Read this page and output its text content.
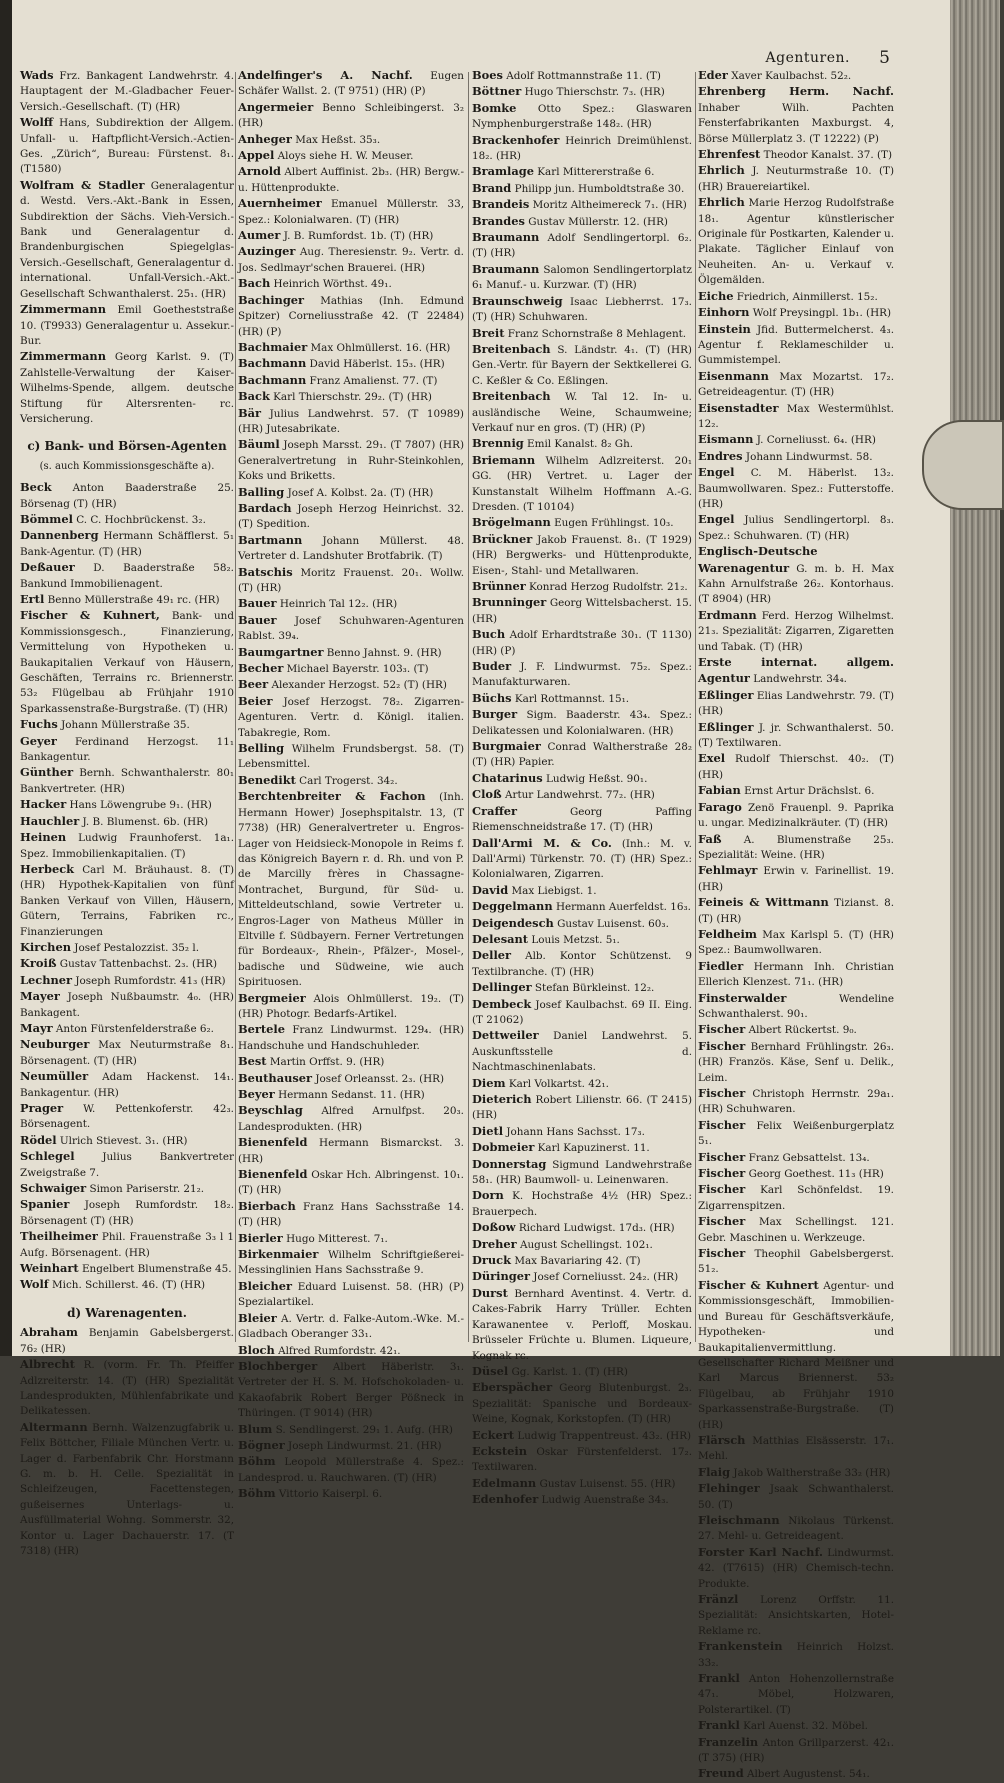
Agenturen. 5

Wads Frz. Bankagent Landwehrstr. 4. Hauptagent der M.-Gladbacher Feuer-Versich.-Gesellschaft. (T) (HR)

Wolff Hans, Subdirektion der Allgem. Unfall- u. Haftpflicht-Versich.-Actien-Ges. „Zürich“, Bureau: Fürstenst. 8₁.(T1580)

Wolfram & Stadler Generalagentur d. Westd. Vers.-Akt.-Bank in Essen, Subdirektion der Sächs. Vieh-Versich.-Bank und Generalagentur d. Brandenburgischen Spiegelglas-Versich.-Gesellschaft, Generalagentur d. international. Unfall-Versich.-Akt.-Gesellschaft Schwanthalerst. 25₁. (HR)

Zimmermann Emil Goetheststraße 10. (T9933) Generalagentur u. Assekur.-Bur.

Zimmermann Georg Karlst. 9. (T) Zahlstelle-Verwaltung der Kaiser-Wilhelms-Spende, allgem. deutsche Stiftung für Altersrenten- rc. Versicherung.

c) Bank- und Börsen-Agenten
(s. auch Kommissionsgeschäfte a).

Beck Anton Baaderstraße 25. Börsenag (T) (HR)

Bömmel C. C. Hochbrückenst. 3₂.

Dannenberg Hermann Schäfflerst. 5₁ Bank-Agentur. (T) (HR)

Deßauer D. Baaderstraße 58₂. Bankund Immobilienagent.

Ertl Benno Müllerstraße 49₁ rc. (HR)

Fischer & Kuhnert, Bank- und Kommissionsgesch., Finanzierung, Vermittelung von Hypotheken u. Baukapitalien Verkauf von Häusern, Geschäften, Terrains rc. Briennerstr. 53₂ Flügelbau ab Frühjahr 1910 Sparkassenstraße-Burgstraße. (T) (HR)

Fuchs Johann Müllerstraße 35.

Geyer Ferdinand Herzogst. 11₁ Bankagentur.

Günther Bernh. Schwanthalerstr. 80₁ Bankvertreter. (HR)

Hacker Hans Löwengrube 9₁. (HR)

Hauchler J. B. Blumenst. 6b. (HR)

Heinen Ludwig Fraunhoferst. 1a₁. Spez. Immobilienkapitalien. (T)

Herbeck Carl M. Bräuhaust. 8. (T) (HR) Hypothek-Kapitalien von fünf Banken Verkauf von Villen, Häusern, Gütern, Terrains, Fabriken rc., Finanzierungen

Kirchen Josef Pestalozzist. 35₂ l.

Kroiß Gustav Tattenbachst. 2₃. (HR)

Lechner Joseph Rumfordstr. 41₃ (HR)

Mayer Joseph Nußbaumstr. 4₀. (HR) Bankagent.

Mayr Anton Fürstenfelderstraße 6₂.

Neuburger Max Neuturmstraße 8₁. Börsenagent. (T) (HR)

Neumüller Adam Hackenst. 14₁. Bankagentur. (HR)

Prager W. Pettenkoferstr. 42₃. Börsenagent.

Rödel Ulrich Stievest. 3₁. (HR)

Schlegel	Julius Bankvertreter Zweigstraße 7.

Schwaiger Simon Pariserstr. 21₂.

Spanier Joseph Rumfordstr. 18₂. Börsenagent (T) (HR)

Theilheimer Phil. Frauenstraße 3₃ l 1 Aufg. Börsenagent. (HR)

Weinhart Engelbert Blumenstraße 45.

Wolf Mich. Schillerst. 46. (T) (HR)

d) Warenagenten.

Abraham Benjamin Gabelsbergerst. 76₂ (HR)

Albrecht R. (vorm. Fr. Th. Pfeiffer Adlzreiterstr. 14. (T) (HR) Spezialität Landesprodukten, Mühlenfabrikate und Delikatessen.

Altermann Bernh. Walzenzugfabrik u. Felix Böttcher, Filiale München Vertr. u. Lager d. Farbenfabrik Chr. Horstmann G. m. b. H. Celle. Spezialität in Schleifzeugen, Facettenstegen, gußeisernes Unterlags- u. Ausfüllmaterial Wohng. Sommerstr. 32, Kontor u. Lager Dachauerstr. 17. (T 7318) (HR)

Andelfinger's A. Nachf. Eugen Schäfer Wallst. 2. (T 9751) (HR) (P)

Angermeier Benno Schleibingerst. 3₂ (HR)

Anheger Max Heßst. 35₃.

Appel Aloys siehe H. W. Meuser.

Arnold Albert Auffinist. 2b₃. (HR) Bergw.- u. Hüttenprodukte.

Auernheimer Emanuel Müllerstr. 33, Spez.: Kolonialwaren. (T) (HR)

Aumer J. B. Rumfordst. 1b. (T) (HR)

Auzinger Aug. Theresienstr. 9₂. Vertr. d. Jos. Sedlmayr'schen Brauerei. (HR)

Bach Heinrich Wörthst. 49₁.

Bachinger Mathias (Inh. Edmund Spitzer) Corneliusstraße 42. (T 22484) (HR) (P)

Bachmaier Max Ohlmüllerst. 16. (HR)

Bachmann David Häberlst. 15₃. (HR)

Bachmann Franz Amalienst. 77. (T)

Back Karl Thierschstr. 29₂. (T) (HR)

Bär Julius Landwehrst. 57. (T 10989) (HR) Jutesabrikate.

Bäuml Joseph Marsst. 29₁. (T 7807) (HR) Generalvertretung in Ruhr-Steinkohlen, Koks und Briketts.

Balling Josef A. Kolbst. 2a. (T) (HR)

Bardach Joseph Herzog Heinrichst. 32. (T) Spedition.

Bartmann Johann Müllerst. 48. Vertreter d. Landshuter Brotfabrik. (T)

Batschis Moritz Frauenst. 20₁. Wollw. (T) (HR)

Bauer Heinrich Tal 12₂. (HR)

Bauer Josef Schuhwaren-Agenturen Rablst. 39₄.

Baumgartner Benno Jahnst. 9. (HR)

Becher Michael Bayerstr. 103₃. (T)

Beer Alexander Herzogst. 52₂ (T) (HR)

Beier Josef Herzogst. 78₂. Zigarren-Agenturen. Vertr. d. Königl. italien. Tabakregie, Rom.

Belling Wilhelm Frundsbergst. 58. (T) Lebensmittel.

Benedikt Carl Trogerst. 34₂.

Berchtenbreiter & Fachon (Inh. Hermann Hower) Josephspitalstr. 13, (T 7738) (HR) Generalvertreter u. Engros-Lager von Heidsieck-Monopole in Reims f. das Königreich Bayern r. d. Rh. und von P. de Marcilly frères in Chassagne-Montrachet, Burgund, für Süd- u. Mitteldeutschland, sowie Vertreter u. Engros-Lager von Matheus Müller in Eltville f. Südbayern. Ferner Vertretungen für Bordeaux-, Rhein-, Pfälzer-, Mosel-, badische und Südweine, wie auch Spirituosen.

Bergmeier Alois Ohlmüllerst. 19₂. (T) (HR) Photogr. Bedarfs-Artikel.

Bertele Franz Lindwurmst. 129₄. (HR) Handschuhe und Handschuhleder.

Best Martin Orffst. 9. (HR)

Beuthauser Josef Orleansst. 2₃. (HR)

Beyer Hermann Sedanst. 11. (HR)

Beyschlag Alfred Arnulfpst. 20₃. Landesprodukten. (HR)

Bienenfeld Hermann Bismarckst. 3. (HR)

Bienenfeld Oskar Hch. Albringenst. 10₁. (T) (HR)

Bierbach Franz Hans Sachsstraße 14. (T) (HR)

Bierler Hugo Mitterest. 7₁.

Birkenmaier Wilhelm Schriftgießerei-Messinglinien Hans Sachsstraße 9.

Bleicher Eduard Luisenst. 58. (HR) (P) Spezialartikel.

Bleier A. Vertr. d. Falke-Autom.-Wke. M.-Gladbach Oberanger 33₁.

Bloch Alfred Rumfordstr. 42₁.

Blochberger Albert Häberlstr. 3₁. Vertreter der H. S. M. Hofschokoladen- u. Kakaofabrik Robert Berger Pößneck in Thüringen. (T 9014) (HR)

Blum S. Sendlingerst. 29₁ 1. Aufg. (HR)

Bögner Joseph Lindwurmst. 21. (HR)

Böhm Leopold Müllerstraße 4. Spez.: Landesprod. u. Rauchwaren. (T) (HR)

Böhm Vittorio Kaiserpl. 6.

Boes Adolf Rottmannstraße 11. (T)

Böttner Hugo Thierschstr. 7₃. (HR)

Bomke Otto Spez.: Glaswaren Nymphenburgerstraße 148₂. (HR)

Brackenhofer Heinrich Dreimühlenst. 18₂. (HR)

Bramlage Karl Mittererstraße 6.

Brand Philipp jun. Humboldtstraße 30.

Brandeis Moritz Altheimereck 7₁. (HR)

Brandes Gustav Müllerstr. 12. (HR)

Braumann Adolf Sendlingertorpl. 6₂. (T) (HR)

Braumann Salomon Sendlingertorplatz 6₁ Manuf.- u. Kurzwar. (T) (HR)

Braunschweig Isaac Liebherrst. 17₃. (T) (HR) Schuhwaren.

Breit Franz Schornstraße 8 Mehlagent.

Breitenbach S. Ländstr. 4₁. (T) (HR) Gen.-Vertr. für Bayern der Sektkellerei G. C. Keßler & Co. Eßlingen.

Breitenbach W. Tal 12. In- u. ausländische Weine, Schaumweine; Verkauf nur en gros. (T) (HR) (P)

Brennig Emil Kanalst. 8₂ Gh.

Briemann Wilhelm Adlzreiterst. 20₁ GG. (HR) Vertret. u. Lager der Kunstanstalt Wilhelm Hoffmann A.-G. Dresden. (T 10104)

Brögelmann Eugen Frühlingst. 10₃.

Brückner Jakob Frauenst. 8₁. (T 1929) (HR) Bergwerks- und Hüttenprodukte, Eisen-, Stahl- und Metallwaren.

Brünner Konrad Herzog Rudolfstr. 21₂.

Brunninger Georg Wittelsbacherst. 15. (HR)

Buch Adolf Erhardtstraße 30₁. (T 1130) (HR) (P)

Buder J. F. Lindwurmst. 75₂. Spez.: Manufakturwaren.

Büchs Karl Rottmannst. 15₁.

Burger Sigm. Baaderstr. 43₄. Spez.: Delikatessen und Kolonialwaren. (HR)

Burgmaier Conrad Waltherstraße 28₂ (T) (HR) Papier.

Chatarinus Ludwig Heßst. 90₁.

Cloß Artur Landwehrst. 77₂. (HR)

Craffer	Georg Paffing Riemenschneidstraße 17. (T) (HR)

Dall'Armi M. & Co. (Inh.: M. v. Dall'Armi) Türkenstr. 70. (T) (HR) Spez.: Kolonialwaren, Zigarren.

David Max Liebigst. 1.

Deggelmann Hermann Auerfeldst. 16₃.

Deigendesch Gustav Luisenst. 60₃.

Delesant Louis Metzst. 5₁.

Deller Alb. Kontor Schützenst. 9 Textilbranche. (T) (HR)

Dellinger Stefan Bürkleinst. 12₂.

Dembeck Josef Kaulbachst. 69 II. Eing. (T 21062)

Dettweiler Daniel Landwehrst. 5. Auskunftsstelle d. Nachtmaschinenlabats.

Diem Karl Volkartst. 42₁.

Dieterich Robert Lilienstr. 66. (T 2415) (HR)

Dietl Johann Hans Sachsst. 17₃.

Dobmeier Karl Kapuzinerst. 11.

Donnerstag Sigmund Landwehrstraße 58₁. (HR) Baumwoll- u. Leinenwaren.

Dorn K. Hochstraße 4½ (HR) Spez.: Brauerpech.

Doßow Richard Ludwigst. 17d₃. (HR)

Dreher August Schellingst. 102₁.

Druck Max Bavariaring 42. (T)

Düringer Josef Corneliusst. 24₂. (HR)

Durst Bernhard Aventinst. 4. Vertr. d. Cakes-Fabrik Harry Trüller. Echten Karawanentee v. Perloff, Moskau. Brüsseler Früchte u. Blumen. Liqueure, Kognak rc.

Düsel Gg. Karlst. 1. (T) (HR)

Eberspächer Georg Blutenburgst. 2₃. Spezialität: Spanische und Bordeaux-Weine, Kognak, Korkstopfen. (T) (HR)

Eckert Ludwig Trappentreust. 43₂. (HR)

Eckstein Oskar Fürstenfelderst. 17₂. Textilwaren.

Edelmann Gustav Luisenst. 55. (HR)

Edenhofer Ludwig Auenstraße 34₃.

Eder Xaver Kaulbachst. 52₂.

Ehrenberg Herm. Nachf. Inhaber Wilh. Pachten Fensterfabrikanten Maxburgst. 4, Börse Müllerplatz 3. (T 12222) (P)

Ehrenfest Theodor Kanalst. 37. (T)

Ehrlich J. Neuturmstraße 10. (T) (HR) Brauereiartikel.

Ehrlich Marie Herzog Rudolfstraße 18₁. Agentur künstlerischer Originale für Postkarten, Kalender u. Plakate. Täglicher Einlauf von Neuheiten. An- u. Verkauf v. Ölgemälden.

Eiche Friedrich, Ainmillerst. 15₂.

Einhorn Wolf Preysingpl. 1b₁. (HR)

Einstein Jfid. Buttermelcherst. 4₃. Agentur f. Reklameschilder u. Gummistempel.

Eisenmann Max Mozartst. 17₂. Getreideagentur. (T) (HR)

Eisenstadter Max Westermühlst. 12₂.

Eismann J. Corneliusst. 6₄. (HR)

Endres Johann Lindwurmst. 58.

Engel C. M. Häberlst. 13₂. Baumwollwaren. Spez.: Futterstoffe. (HR)

Engel Julius Sendlingertorpl. 8₃. Spez.: Schuhwaren. (T) (HR)

Englisch-Deutsche Warenagentur G. m. b. H. Max Kahn Arnulfstraße 26₂. Kontorhaus. (T 8904) (HR)

Erdmann Ferd. Herzog Wilhelmst. 21₃. Spezialität: Zigarren, Zigaretten und Tabak. (T) (HR)

Erste internat. allgem. Agentur Landwehrstr. 34₄.

Eßlinger Elias Landwehrstr. 79. (T) (HR)

Eßlinger J. jr. Schwanthalerst. 50. (T) Textilwaren.

Exel Rudolf Thierschst. 40₂. (T) (HR)

Fabian Ernst Artur Drächslst. 6.

Farago Zenö Frauenpl. 9. Paprika u. ungar. Medizinalkräuter. (T) (HR)

Faß A. Blumenstraße 25₃. Spezialität: Weine. (HR)

Fehlmayr Erwin v. Farinellist. 19. (HR)

Feineis & Wittmann Tizianst. 8. (T) (HR)

Feldheim Max Karlspl 5. (T) (HR) Spez.: Baumwollwaren.

Fiedler Hermann Inh. Christian Ellerich Klenzest. 71₁. (HR)

Finsterwalder	Wendeline Schwanthalerst. 90₁.

Fischer Albert Rückertst. 9₀.

Fischer Bernhard Frühlingstr. 26₃. (HR) Französ. Käse, Senf u. Delik., Leim.

Fischer Christoph Herrnstr. 29a₁. (HR) Schuhwaren.

Fischer Felix Weißenburgerplatz 5₁.

Fischer Franz Gebsattelst. 13₄.

Fischer Georg Goethest. 11₃ (HR)

Fischer Karl Schönfeldst. 19. Zigarrenspitzen.

Fischer Max Schellingst. 121. Gebr. Maschinen u. Werkzeuge.

Fischer Theophil Gabelsbergerst. 51₂.

Fischer & Kuhnert Agentur- und Kommissionsgeschäft, Immobilien- und Bureau für Geschäftsverkäufe, Hypotheken- und Baukapitalienvermittlung. Gesellschafter Richard Meißner und Karl Marcus Briennerst. 53₂ Flügelbau, ab Frühjahr 1910 Sparkassenstraße-Burgstraße. (T) (HR)

Flärsch Matthias Elsässerstr. 17₁. Mehl.

Flaig Jakob Waltherstraße 33₂ (HR)

Flehinger Jsaak Schwanthalerst. 50. (T)

Fleischmann Nikolaus Türkenst. 27. Mehl- u. Getreideagent.

Forster Karl Nachf. Lindwurmst. 42. (T7615) (HR) Chemisch-techn. Produkte.

Fränzl Lorenz Orffstr. 11. Spezialität: Ansichtskarten, Hotel-Reklame rc.

Frankenstein Heinrich Holzst. 33₂.

Frankl Anton Hohenzollernstraße 47₁. Möbel, Holzwaren, Polsterartikel. (T)

Frankl Karl Auenst. 32. Möbel.

Franzelin Anton Grillparzerst. 42₁. (T 375) (HR)

Freund Albert Augustenst. 54₁.
